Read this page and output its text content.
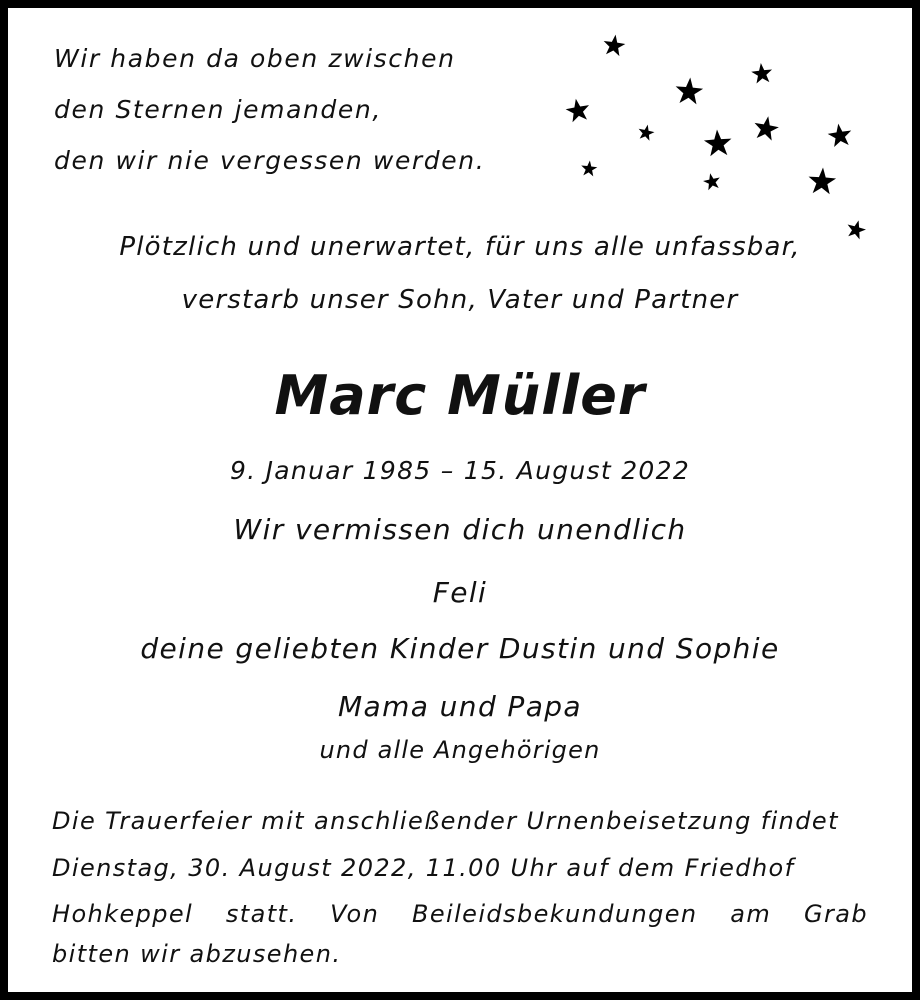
Wir haben da oben zwischen
den Sternen jemanden,
den wir nie vergessen werden.
Plötzlich und unerwartet, für uns alle unfassbar,
verstarb unser Sohn, Vater und Partner
Marc Müller
9. Januar 1985 – 15. August 2022
Wir vermissen dich unendlich
Feli
deine geliebten Kinder Dustin und Sophie
Mama und Papa
und alle Angehörigen
Die Trauerfeier mit anschließender Urnenbeisetzung findet
Dienstag, 30. August 2022, 11.00 Uhr auf dem Friedhof
Hohkeppel statt. Von Beileidsbekundungen am Grab
bitten wir abzusehen.
